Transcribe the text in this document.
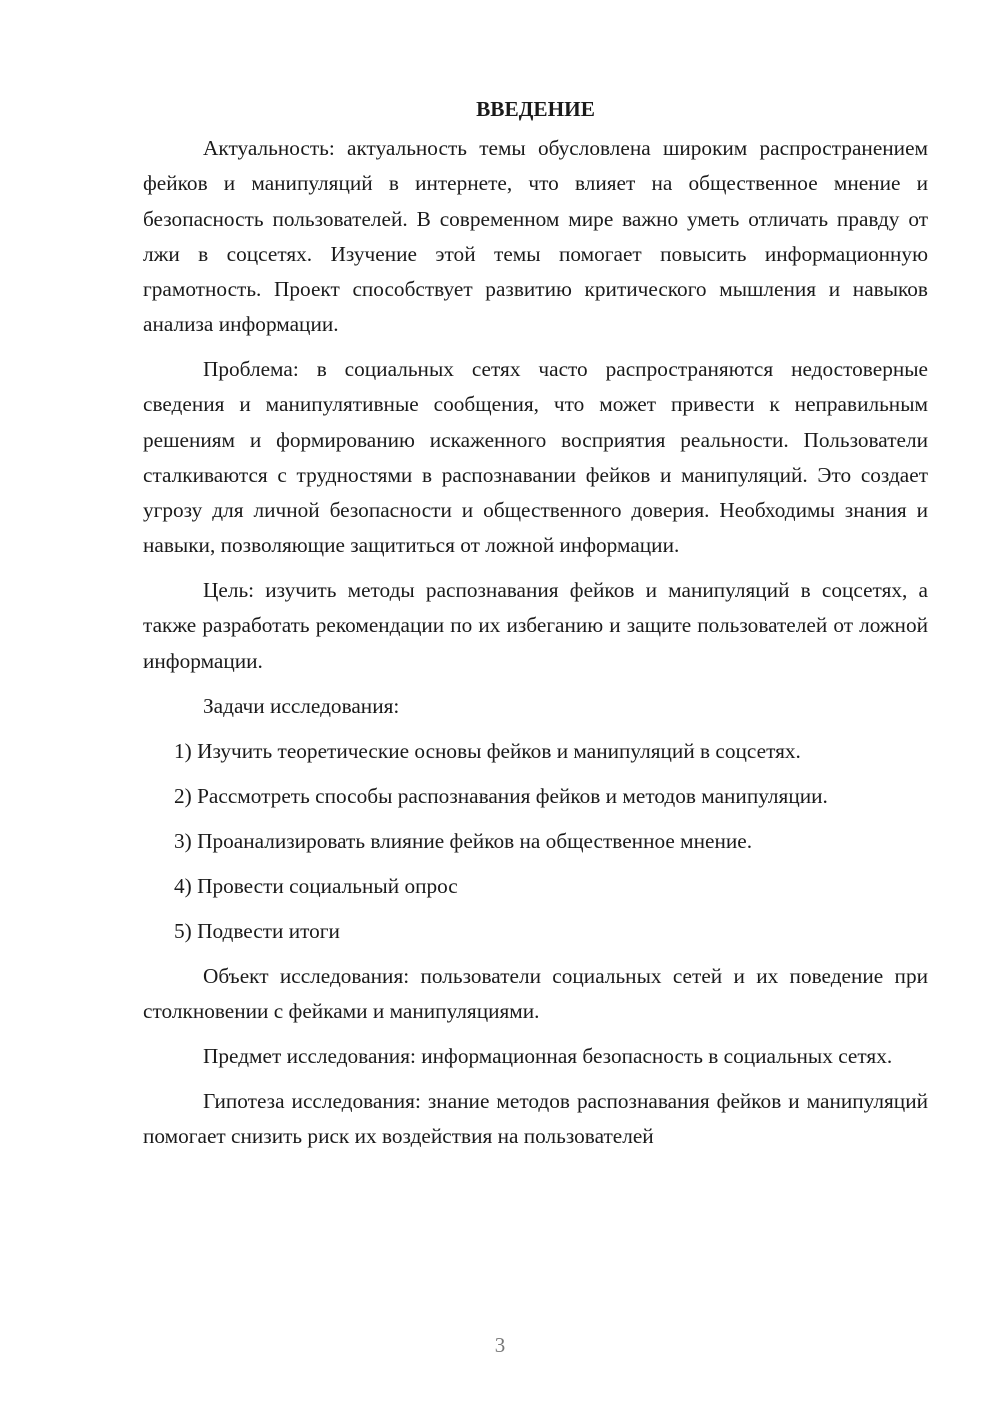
ВВЕДЕНИЕ

Актуальность: актуальность темы обусловлена широким распространением фейков и манипуляций в интернете, что влияет на общественное мнение и безопасность пользователей. В современном мире важно уметь отличать правду от лжи в соцсетях. Изучение этой темы помогает повысить информационную грамотность. Проект способствует развитию критического мышления и навыков анализа информации.

Проблема: в социальных сетях часто распространяются недостоверные сведения и манипулятивные сообщения, что может привести к неправильным решениям и формированию искаженного восприятия реальности. Пользователи сталкиваются с трудностями в распознавании фейков и манипуляций. Это создает угрозу для личной безопасности и общественного доверия. Необходимы знания и навыки, позволяющие защититься от ложной информации.

Цель: изучить методы распознавания фейков и манипуляций в соцсетях, а также разработать рекомендации по их избеганию и защите пользователей от ложной информации.

Задачи исследования:

1) Изучить теоретические основы фейков и манипуляций в соцсетях.

2) Рассмотреть способы распознавания фейков и методов манипуляции.

3) Проанализировать влияние фейков на общественное мнение.

4) Провести социальный опрос

5) Подвести итоги

Объект исследования: пользователи социальных сетей и их поведение при столкновении с фейками и манипуляциями.

Предмет исследования: информационная безопасность в социальных сетях.

Гипотеза исследования: знание методов распознавания фейков и манипуляций помогает снизить риск их воздействия на пользователей

3
